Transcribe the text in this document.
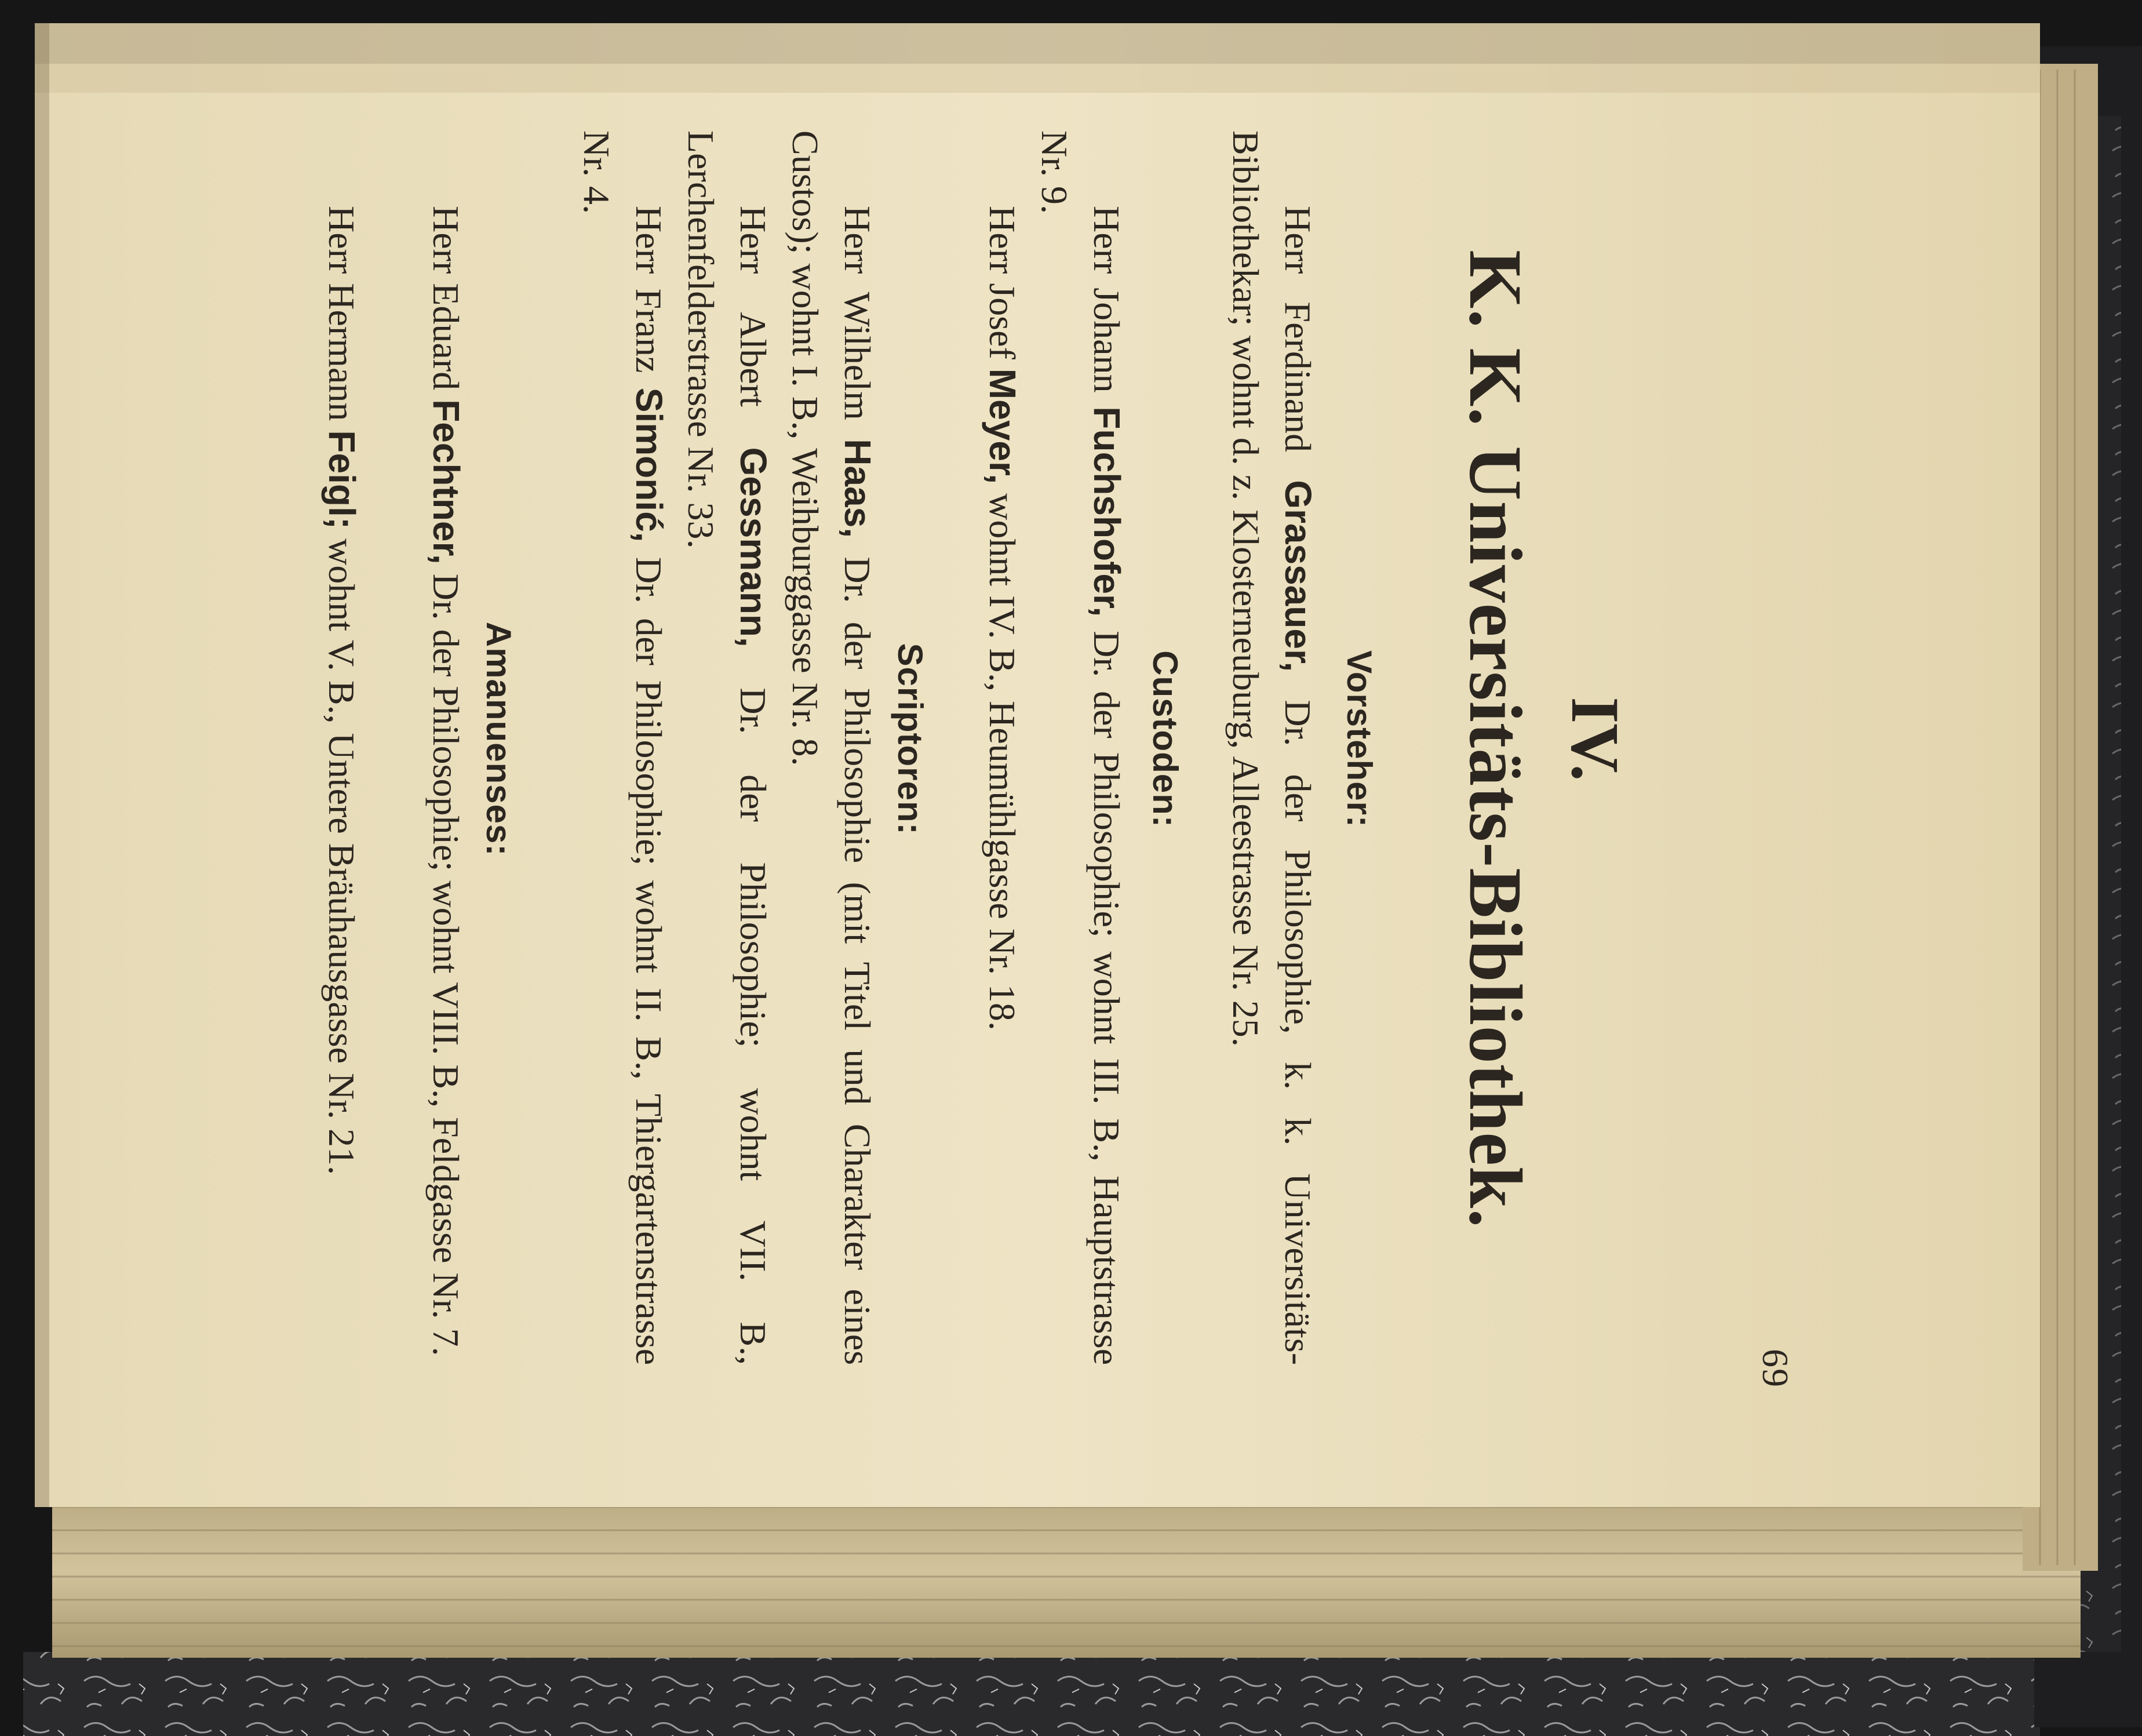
69
IV.
K. K. Universitäts-Bibliothek.
Vorsteher:

Herr Ferdinand Grassauer, Dr. der Philosophie, k. k. Universitäts-Bibliothekar; wohnt d. z. Klosterneuburg, Alleestrasse Nr. 25.

Custoden:

Herr Johann Fuchshofer, Dr. der Philosophie; wohnt III. B., Hauptstrasse Nr. 9.

Herr Josef Meyer, wohnt IV. B., Heumühlgasse Nr. 18.

Scriptoren:

Herr Wilhelm Haas, Dr. der Philosophie (mit Titel und Charakter eines Custos); wohnt I. B., Weihburggasse Nr. 8.

Herr Albert Gessmann, Dr. der Philosophie; wohnt VII. B., Lerchenfelderstrasse Nr. 33.

Herr Franz Simonić, Dr. der Philosophie; wohnt II. B., Thiergartenstrasse Nr. 4.

Amanuenses:

Herr Eduard Fechtner, Dr. der Philosophie; wohnt VIII. B., Feldgasse Nr. 7.

Herr Hermann Feigl; wohnt V. B., Untere Bräuhausgasse Nr. 21.
